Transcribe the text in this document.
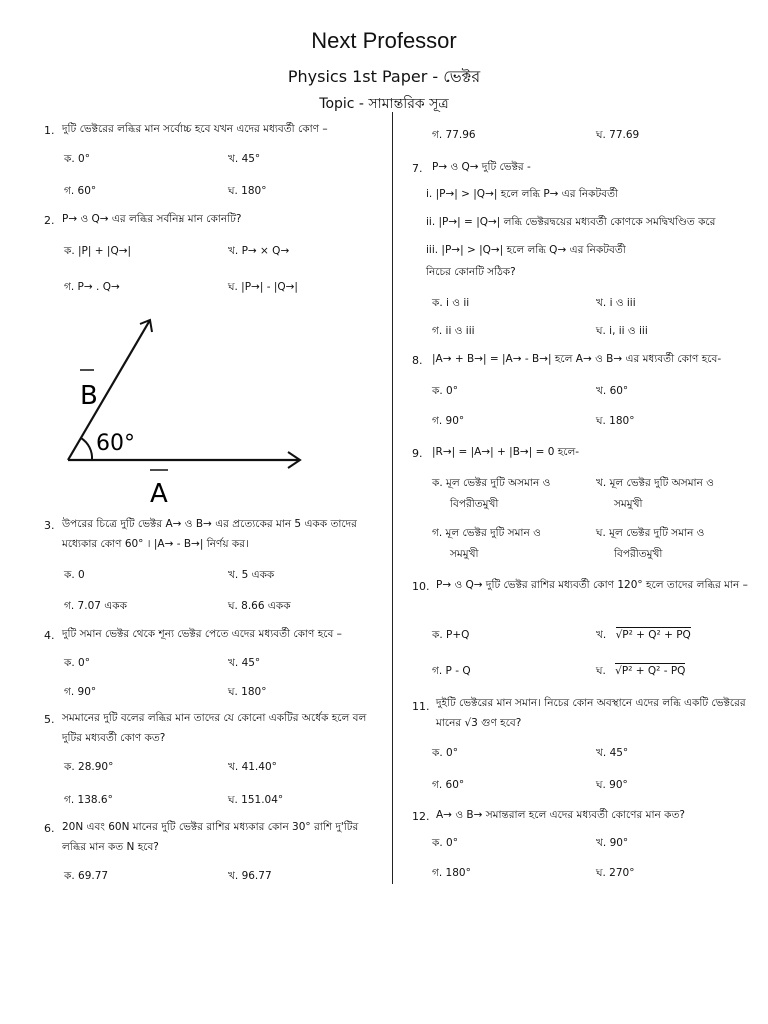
Next Professor
Physics 1st Paper - ভেক্টর
Topic - সামান্তরিক সূত্র
1. দুটি ভেক্টরের লব্ধির মান সর্বোচ্চ হবে যখন এদের মধ্যবর্তী কোণ –
ক. 0°	খ. 45°
গ. 60°	ঘ. 180°
2. P→ ও Q→ এর লব্ধির সর্বনিম্ন মান কোনটি?
ক. |P| + |Q→|	খ. P→ × Q→
গ. P→ . Q→	ঘ. |P→| - |Q→|
B
60°
A
3. উপরের চিত্রে দুটি ভেক্টর A→ ও B→ এর প্রত্যেকের মান 5 একক তাদের মধ্যেকার কোণ 60° । |A→ - B→| নির্ণয় কর।
ক. 0	খ. 5 একক
গ. 7.07 একক	ঘ. 8.66 একক
4. দুটি সমান ভেক্টর থেকে শূন্য ভেক্টর পেতে এদের মধ্যবর্তী কোণ হবে –
ক. 0°	খ. 45°
গ. 90°	ঘ. 180°
5. সমমানের দুটি বলের লব্ধির মান তাদের যে কোনো একটির অর্ধেক হলে বল দুটির মধ্যবর্তী কোণ কত?
ক. 28.90°	খ. 41.40°
গ. 138.6°	ঘ. 151.04°
6. 20N এবং 60N মানের দুটি ভেক্টর রাশির মধ্যকার কোন 30° রাশি দু'টির লব্ধির মান কত N হবে?
ক. 69.77	খ. 96.77
গ. 77.96	ঘ. 77.69
7. P→ ও Q→ দুটি ভেক্টর -
i. |P→| > |Q→| হলে লব্ধি P→ এর নিকটবর্তী
ii. |P→| = |Q→| লব্ধি ভেক্টরদ্বয়ের মধ্যবর্তী কোণকে সমদ্বিখণ্ডিত করে
iii. |P→| > |Q→| হলে লব্ধি Q→ এর নিকটবর্তী
নিচের কোনটি সঠিক?
ক. i ও ii	খ. i ও iii
গ. ii ও iii	ঘ. i, ii ও iii
8. |A→ + B→| = |A→ - B→| হলে A→ ও B→ এর মধ্যবর্তী কোণ হবে-
ক. 0°	খ. 60°
গ. 90°	ঘ. 180°
9. |R→| = |A→| + |B→| = 0 হলে-
ক. মূল ভেক্টর দুটি অসমান ও
বিপরীতমুখী
খ. মূল ভেক্টর দুটি অসমান ও
সমমুখী
গ. মূল ভেক্টর দুটি সমান ও
সমমুখী
ঘ. মূল ভেক্টর দুটি সমান ও
বিপরীতমুখী
10. P→ ও Q→ দুটি ভেক্টর রাশির মধ্যবর্তী কোণ 120° হলে তাদের লব্ধির মান –
ক. P+Q	খ. √P² + Q² + PQ
গ. P - Q	ঘ. √P² + Q² - PQ
11. দুইটি ভেক্টরের মান সমান। নিচের কোন অবস্থানে এদের লব্ধি একটি ভেক্টরের মানের √3 গুণ হবে?
ক. 0°	খ. 45°
গ. 60°	ঘ. 90°
12. A→ ও B→ সমান্তরাল হলে এদের মধ্যবর্তী কোণের মান কত?
ক. 0°	খ. 90°
গ. 180°	ঘ. 270°
